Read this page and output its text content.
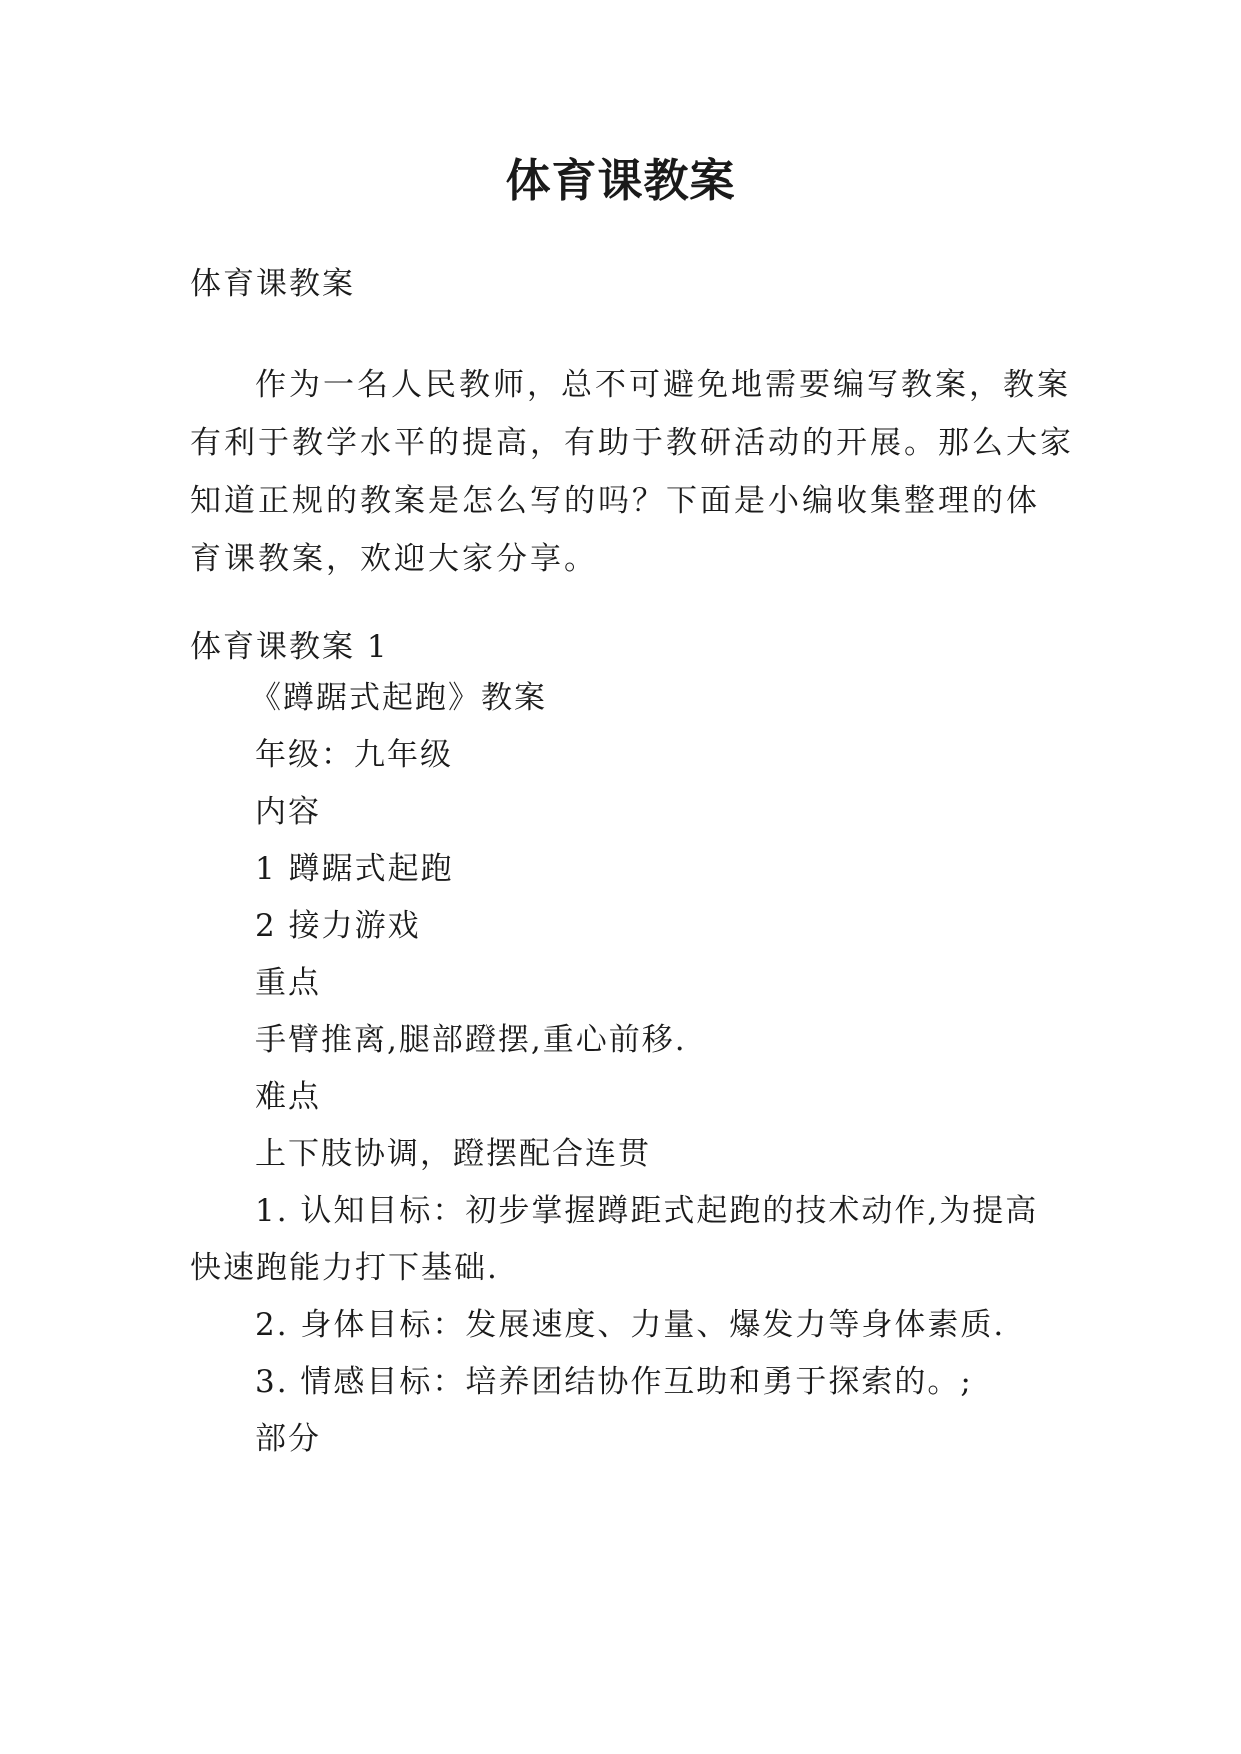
体育课教案
体育课教案
作为一名人民教师，总不可避免地需要编写教案，教案
有利于教学水平的提高，有助于教研活动的开展。那么大家
知道正规的教案是怎么写的吗？下面是小编收集整理的体
育课教案，欢迎大家分享。
体育课教案 1
《蹲踞式起跑》教案
年级：九年级
内容
1 蹲踞式起跑
2 接力游戏
重点
手臂推离,腿部蹬摆,重心前移.
难点
上下肢协调，蹬摆配合连贯
1. 认知目标：初步掌握蹲距式起跑的技术动作,为提高
快速跑能力打下基础.
2. 身体目标：发展速度、力量、爆发力等身体素质.
3. 情感目标：培养团结协作互助和勇于探索的。;
部分
